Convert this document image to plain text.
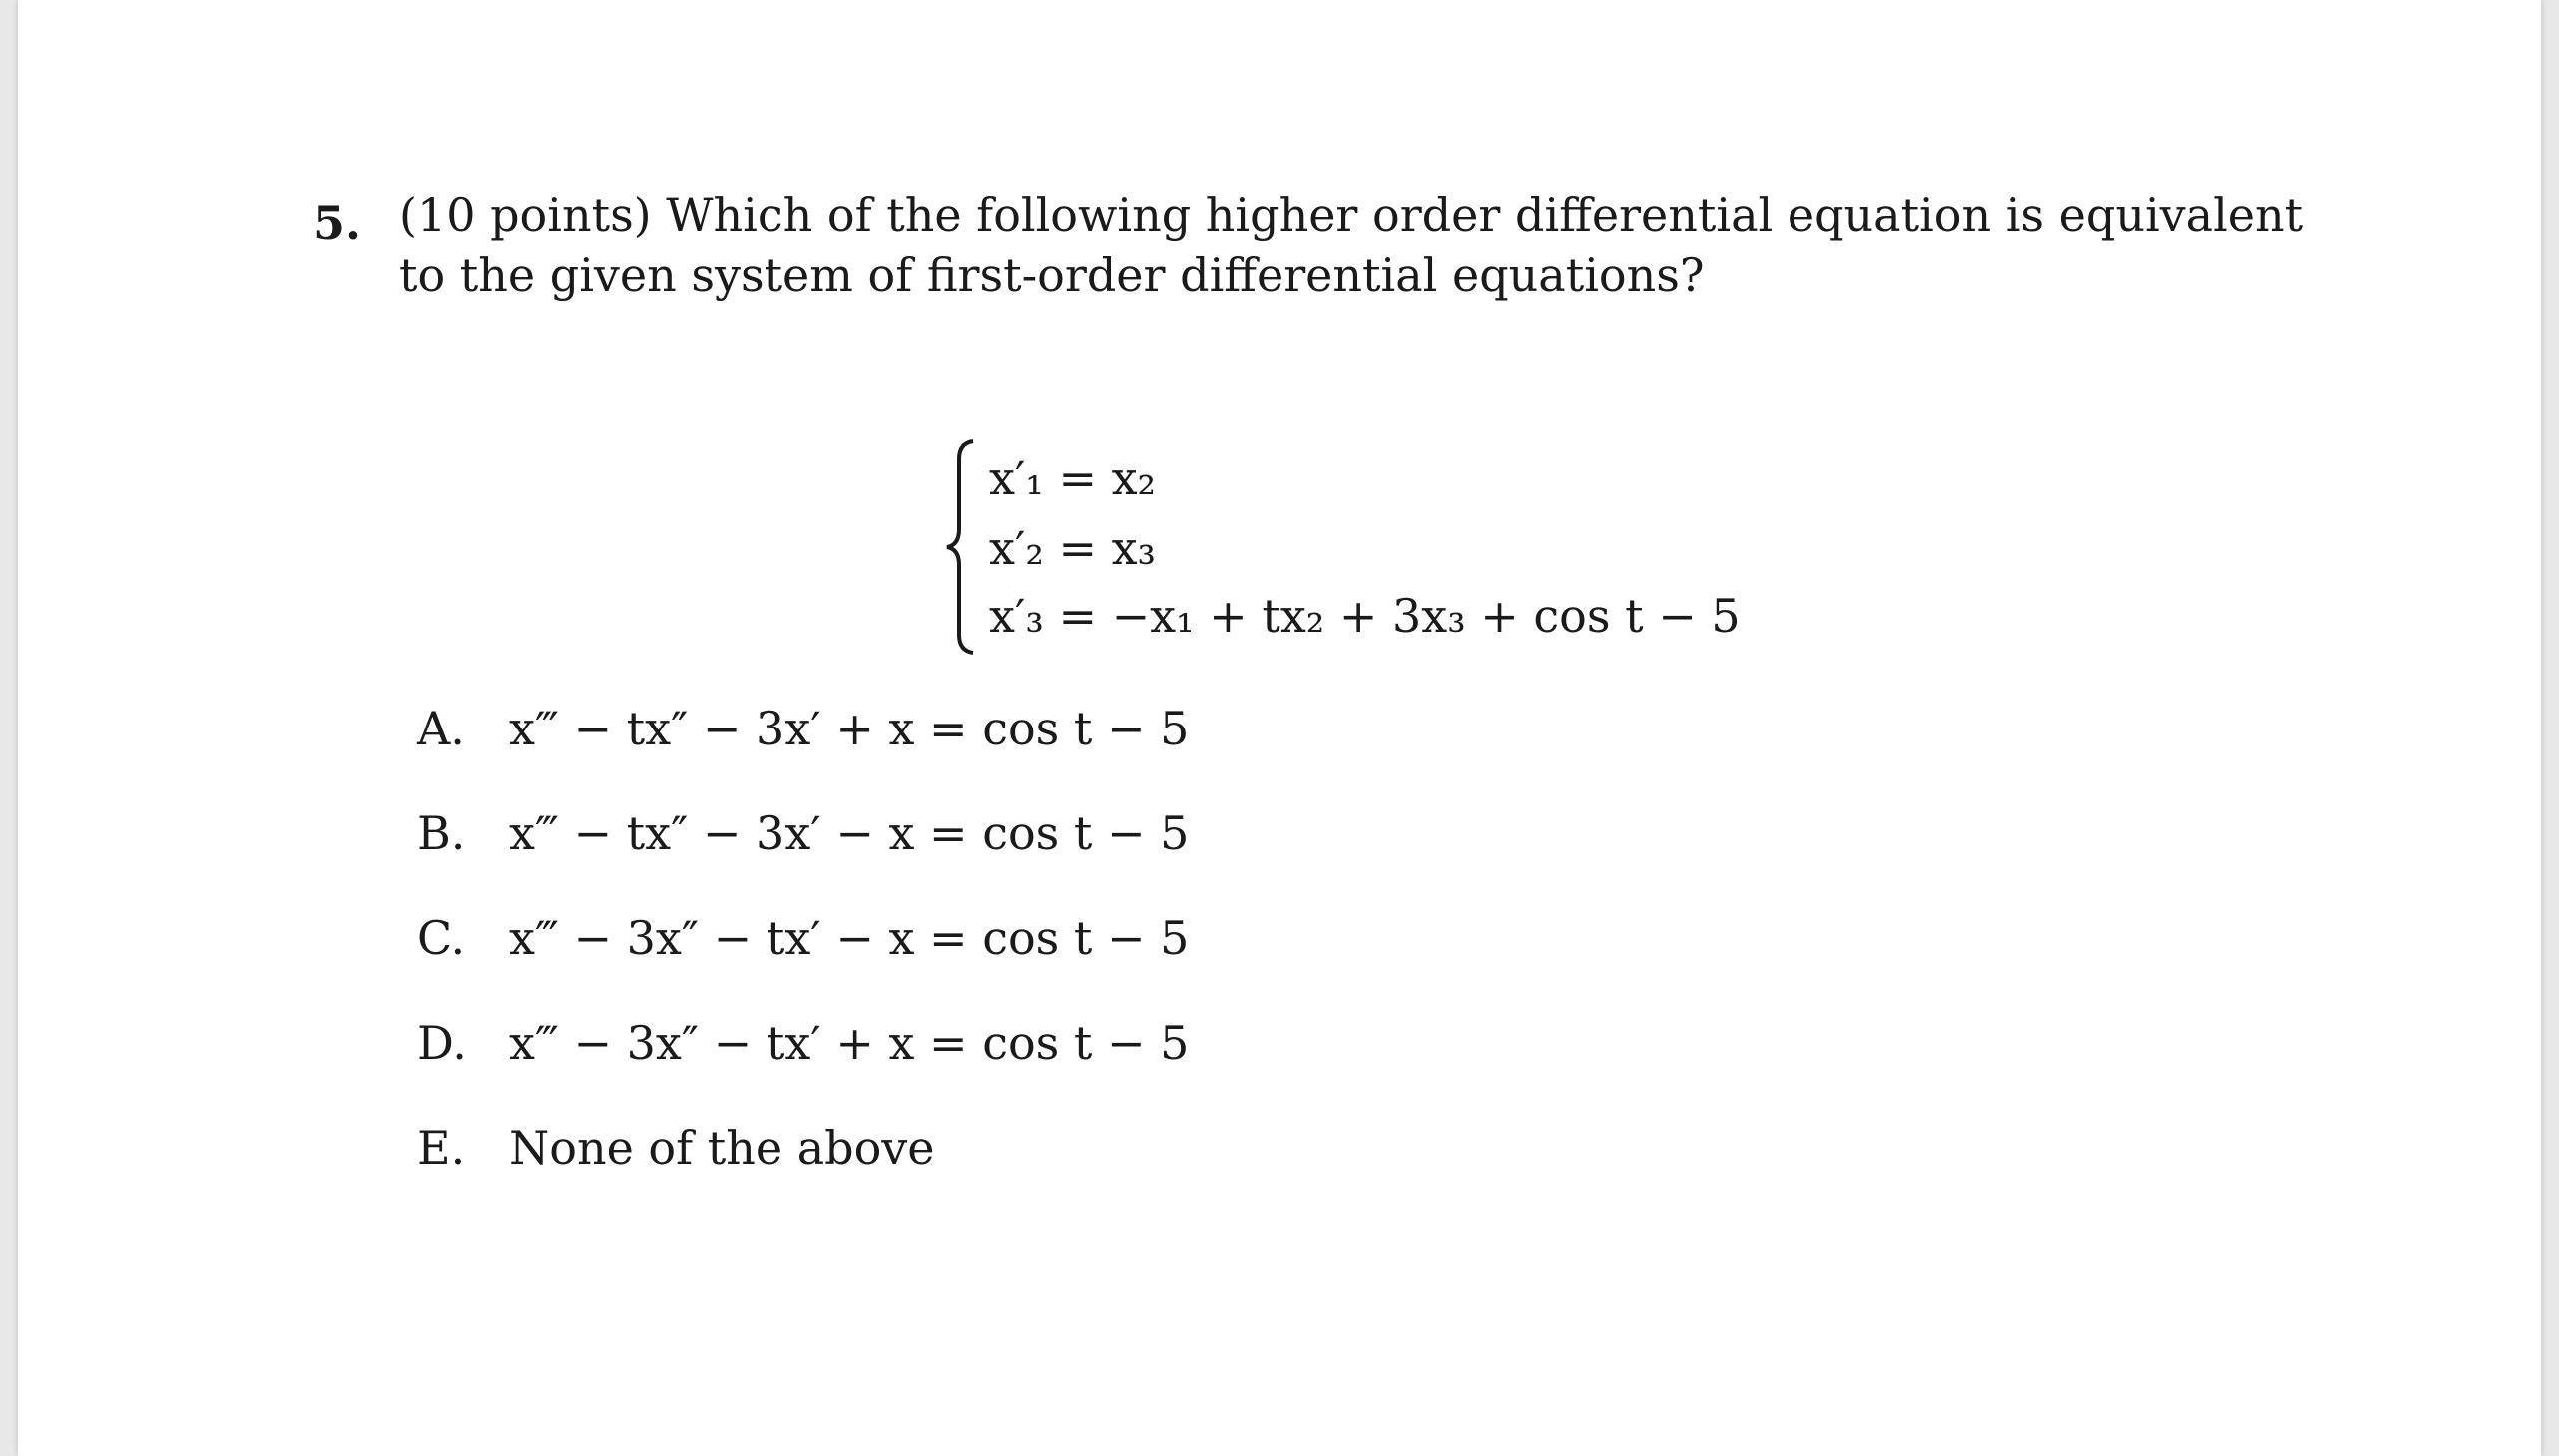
5. (10 points) Which of the following higher order differential equation is equivalent to the given system of first-order differential equations?
x′₁ = x₂
x′₂ = x₃
x′₃ = −x₁ + tx₂ + 3x₃ + cos t − 5
A. x‴ − tx″ − 3x′ + x = cos t − 5
B. x‴ − tx″ − 3x′ − x = cos t − 5
C. x‴ − 3x″ − tx′ − x = cos t − 5
D. x‴ − 3x″ − tx′ + x = cos t − 5
E. None of the above
